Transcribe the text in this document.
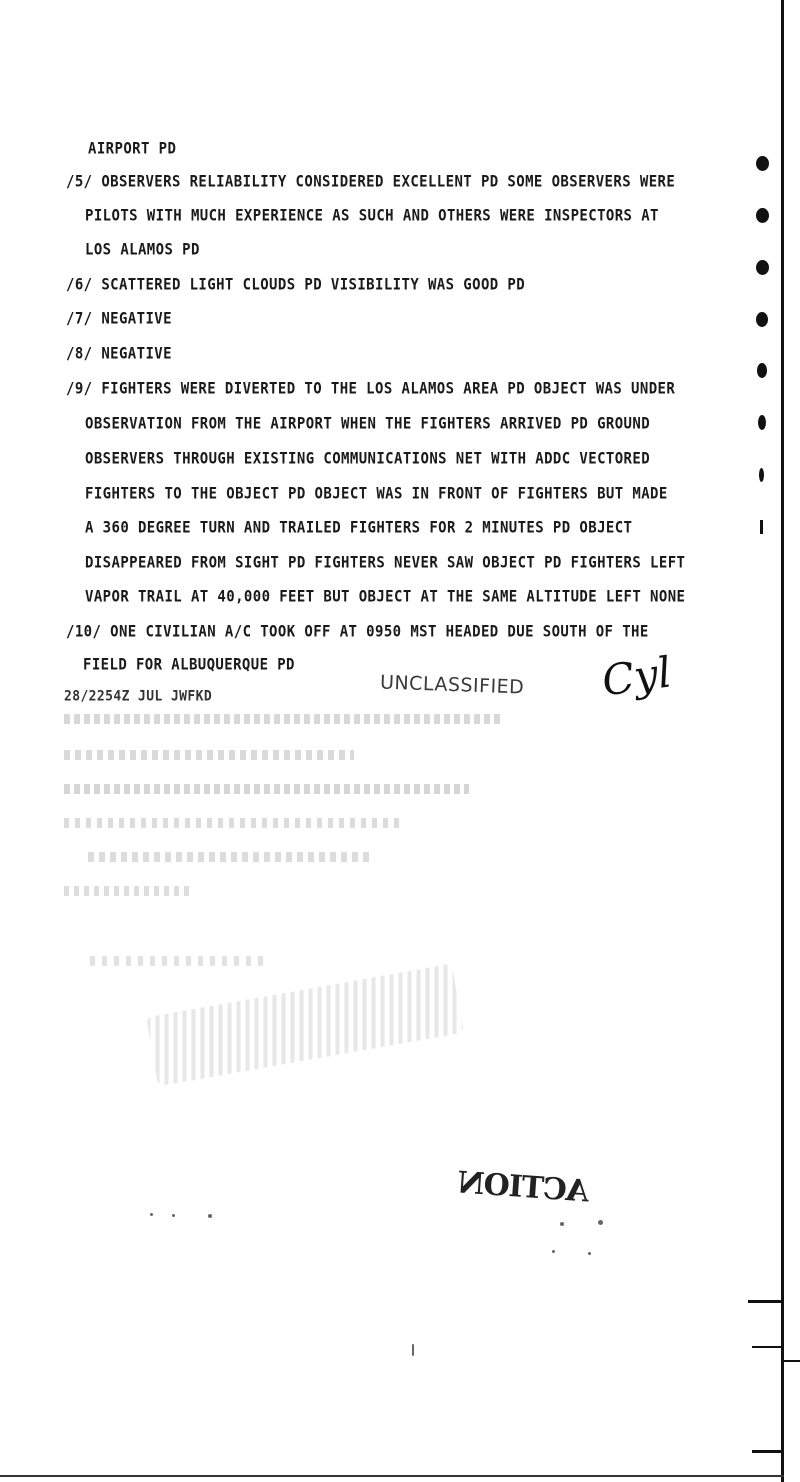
AIRPORT PD
/5/ OBSERVERS RELIABILITY CONSIDERED EXCELLENT PD SOME OBSERVERS WERE
PILOTS WITH MUCH EXPERIENCE AS SUCH AND OTHERS WERE INSPECTORS AT
LOS ALAMOS PD
/6/ SCATTERED LIGHT CLOUDS PD VISIBILITY WAS GOOD PD
/7/ NEGATIVE
/8/ NEGATIVE
/9/ FIGHTERS WERE DIVERTED TO THE LOS ALAMOS AREA PD OBJECT WAS UNDER
OBSERVATION FROM THE AIRPORT WHEN THE FIGHTERS ARRIVED PD GROUND
OBSERVERS THROUGH EXISTING COMMUNICATIONS NET WITH ADDC VECTORED
FIGHTERS TO THE OBJECT PD OBJECT WAS IN FRONT OF FIGHTERS BUT MADE
A 360 DEGREE TURN AND TRAILED FIGHTERS FOR 2 MINUTES PD OBJECT
DISAPPEARED FROM SIGHT PD FIGHTERS NEVER SAW OBJECT PD FIGHTERS LEFT
VAPOR TRAIL AT 40,000 FEET BUT OBJECT AT THE SAME ALTITUDE LEFT NONE
/10/ ONE CIVILIAN A/C TOOK OFF AT 0950 MST HEADED DUE SOUTH OF THE
FIELD FOR ALBUQUERQUE PD
28/2254Z JUL JWFKD	UNCLASSIFIED Cyl
ACTION
